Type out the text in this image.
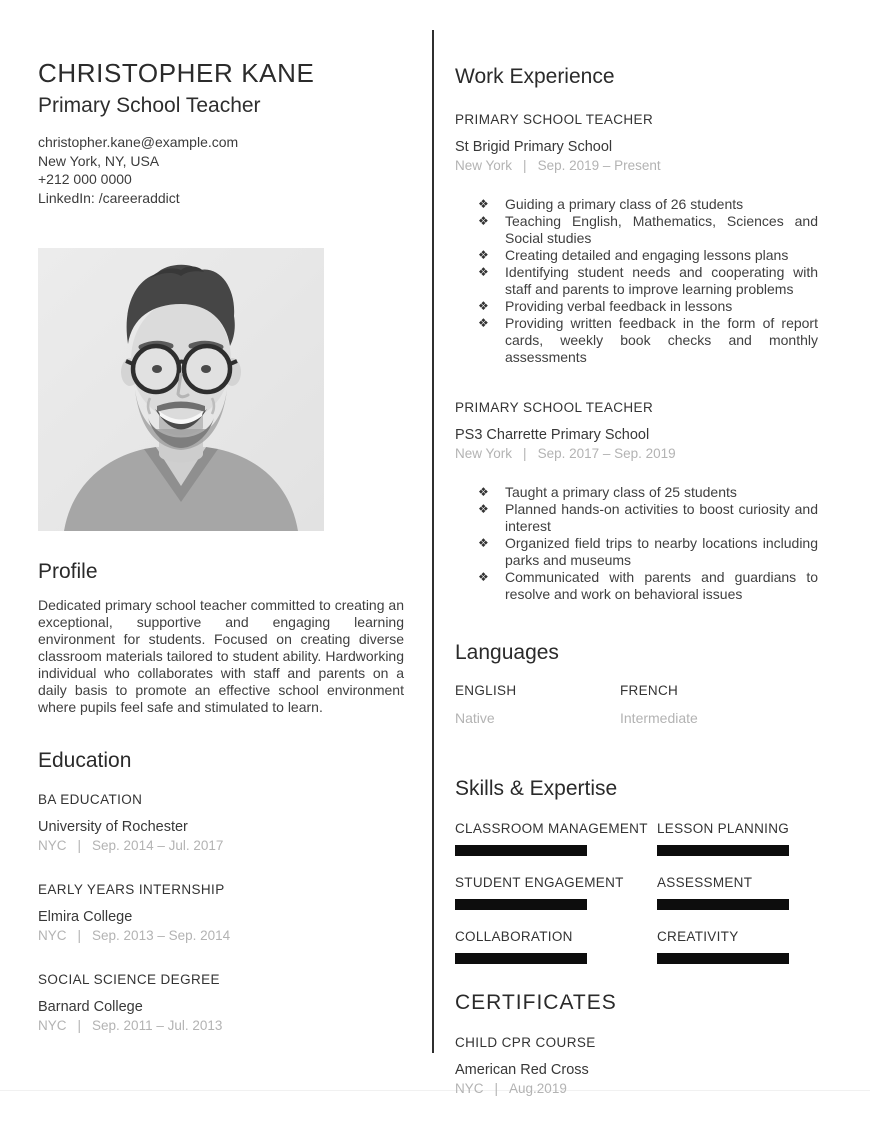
CHRISTOPHER KANE
Primary School Teacher
christopher.kane@example.com
New York, NY, USA
+212 000 0000
LinkedIn: /careeraddict
Profile
Dedicated primary school teacher committed to creating an exceptional, supportive and engaging learning environment for students. Focused on creating diverse classroom materials tailored to student ability. Hardworking individual who collaborates with staff and parents on a daily basis to promote an effective school environment where pupils feel safe and stimulated to learn.
Education
BA EDUCATION
University of Rochester
NYC | Sep. 2014 – Jul. 2017
EARLY YEARS INTERNSHIP
Elmira College
NYC | Sep. 2013 – Sep. 2014
SOCIAL SCIENCE DEGREE
Barnard College
NYC | Sep. 2011 – Jul. 2013
Work Experience
PRIMARY SCHOOL TEACHER
St Brigid Primary School
New York | Sep. 2019 – Present
❖ Guiding a primary class of 26 students
❖ Teaching English, Mathematics, Sciences and Social studies
❖ Creating detailed and engaging lessons plans
❖ Identifying student needs and cooperating with staff and parents to improve learning problems
❖ Providing verbal feedback in lessons
❖ Providing written feedback in the form of report cards, weekly book checks and monthly assessments
PRIMARY SCHOOL TEACHER
PS3 Charrette Primary School
New York | Sep. 2017 – Sep. 2019
❖ Taught a primary class of 25 students
❖ Planned hands-on activities to boost curiosity and interest
❖ Organized field trips to nearby locations including parks and museums
❖ Communicated with parents and guardians to resolve and work on behavioral issues
Languages
ENGLISH
Native
FRENCH
Intermediate
Skills & Expertise
CLASSROOM MANAGEMENT LESSON PLANNING
STUDENT ENGAGEMENT	ASSESSMENT
COLLABORATION	CREATIVITY
CERTIFICATES
CHILD CPR COURSE
American Red Cross
NYC | Aug.2019
